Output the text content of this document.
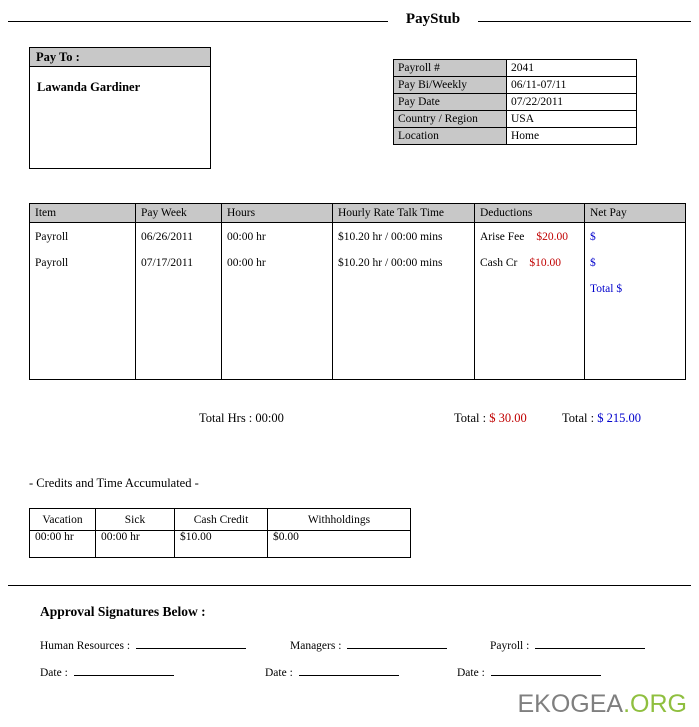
PayStub
Pay To :
Lawanda Gardiner
Payroll #	2041
Pay Bi/Weekly	06/11-07/11
Pay Date	07/22/2011
Country / Region	USA
Location	Home
Item	Pay Week	Hours	Hourly Rate Talk Time	Deductions	Net Pay
Payroll	06/26/2011	00:00 hr	$10.20 hr / 00:00 mins	Arise Fee $20.00	$
Payroll	07/17/2011	00:00 hr	$10.20 hr / 00:00 mins	Cash Cr $10.00	$
					Total $
Total Hrs : 00:00	Total : $ 30.00	Total : $ 215.00
- Credits and Time Accumulated -
Vacation	Sick	Cash Credit	Withholdings
00:00 hr	00:00 hr	$10.00	$0.00
Approval Signatures Below :
Human Resources :	Managers :	Payroll :
Date :	Date :	Date :
EKOGEA.ORG
